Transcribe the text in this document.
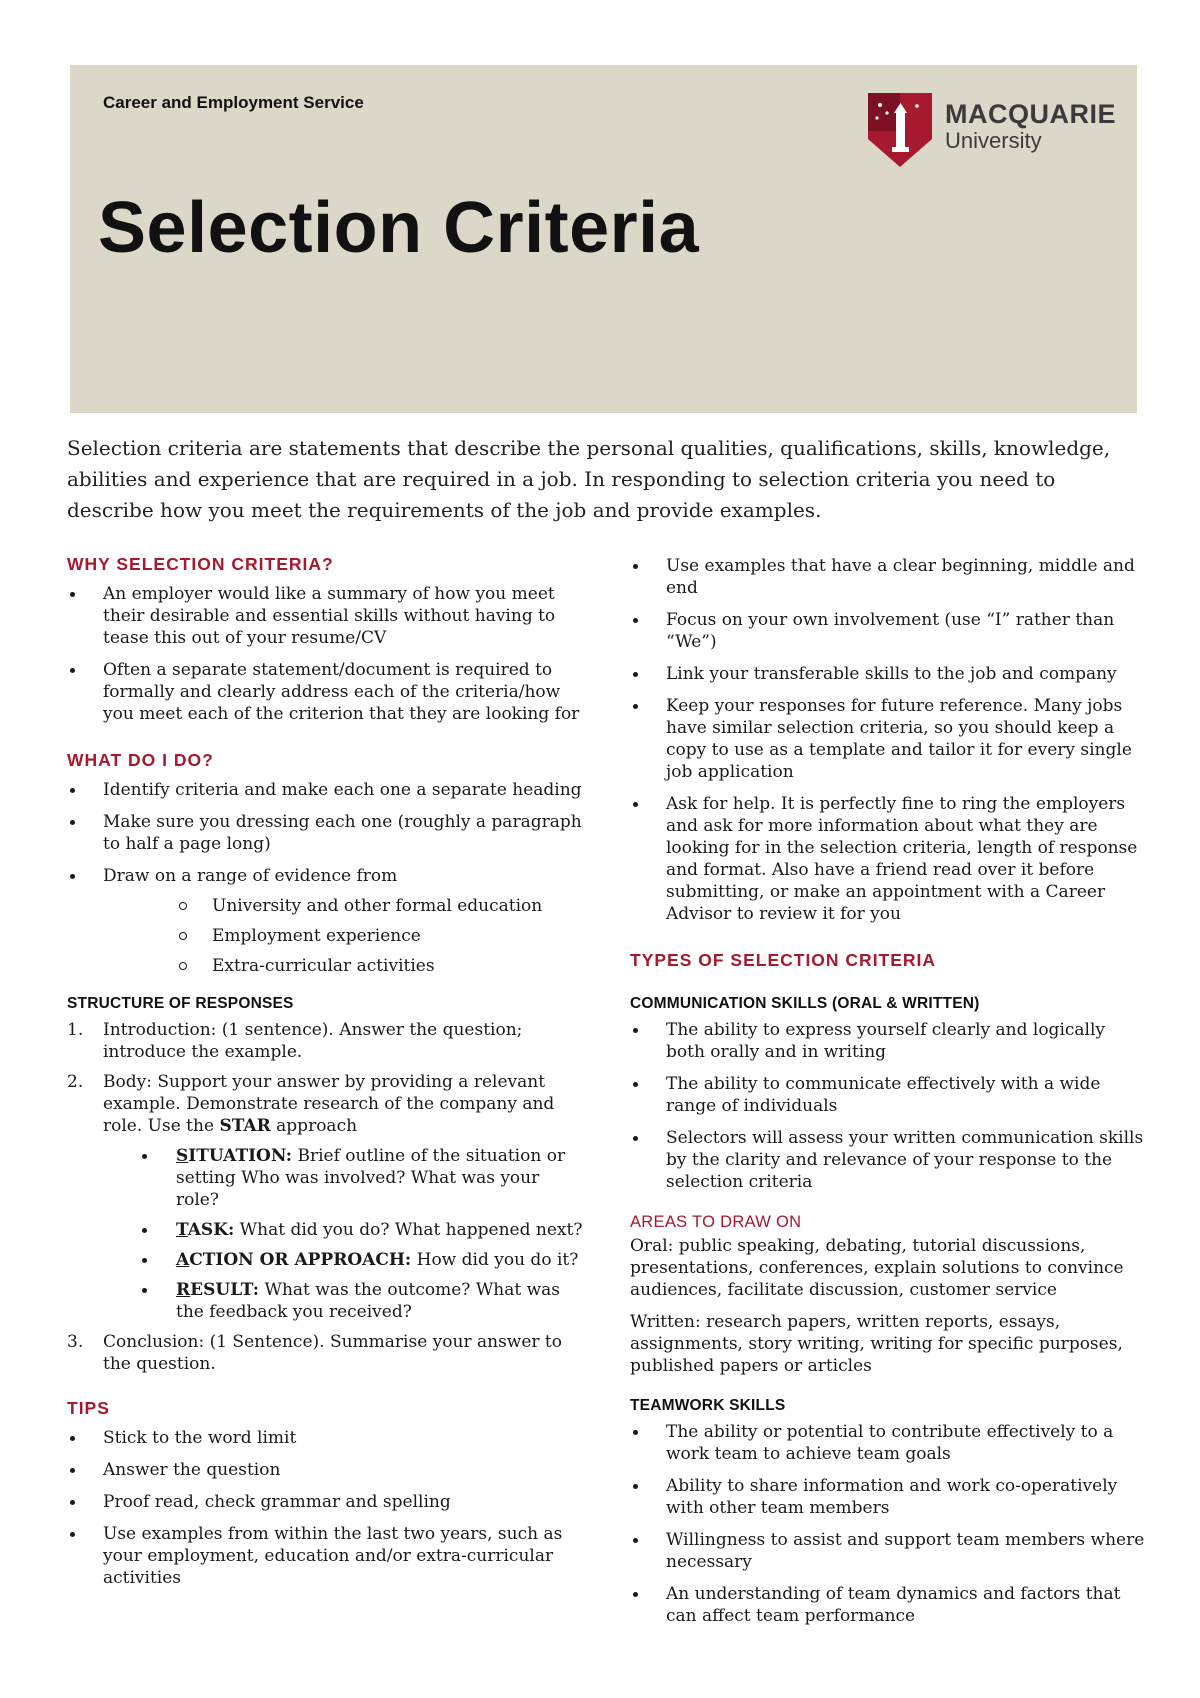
Career and Employment Service	MACQUARIE
University
Selection Criteria
Selection criteria are statements that describe the personal qualities, qualifications, skills, knowledge, abilities and experience that are required in a job. In responding to selection criteria you need to describe how you meet the requirements of the job and provide examples.
WHY SELECTION CRITERIA?
An employer would like a summary of how you meet their desirable and essential skills without having to tease this out of your resume/CV
Often a separate statement/document is required to formally and clearly address each of the criteria/how you meet each of the criterion that they are looking for
WHAT DO I DO?
Identify criteria and make each one a separate heading
Make sure you dressing each one (roughly a paragraph to half a page long)
Draw on a range of evidence from
University and other formal education
Employment experience
Extra-curricular activities
STRUCTURE OF RESPONSES
1. Introduction: (1 sentence). Answer the question; introduce the example.
2. Body: Support your answer by providing a relevant example. Demonstrate research of the company and role. Use the STAR approach
SITUATION: Brief outline of the situation or setting Who was involved? What was your role?
TASK: What did you do? What happened next?
ACTION OR APPROACH: How did you do it?
RESULT: What was the outcome? What was the feedback you received?
3. Conclusion: (1 Sentence). Summarise your answer to the question.
TIPS
Stick to the word limit
Answer the question
Proof read, check grammar and spelling
Use examples from within the last two years, such as your employment, education and/or extra-curricular activities
Use examples that have a clear beginning, middle and end
Focus on your own involvement (use “I” rather than “We”)
Link your transferable skills to the job and company
Keep your responses for future reference. Many jobs have similar selection criteria, so you should keep a copy to use as a template and tailor it for every single job application
Ask for help. It is perfectly fine to ring the employers and ask for more information about what they are looking for in the selection criteria, length of response and format. Also have a friend read over it before submitting, or make an appointment with a Career Advisor to review it for you
TYPES OF SELECTION CRITERIA
COMMUNICATION SKILLS (ORAL & WRITTEN)
The ability to express yourself clearly and logically both orally and in writing
The ability to communicate effectively with a wide range of individuals
Selectors will assess your written communication skills by the clarity and relevance of your response to the selection criteria
AREAS TO DRAW ON

Oral: public speaking, debating, tutorial discussions, presentations, conferences, explain solutions to convince audiences, facilitate discussion, customer service

Written: research papers, written reports, essays, assignments, story writing, writing for specific purposes, published papers or articles

TEAMWORK SKILLS
The ability or potential to contribute effectively to a work team to achieve team goals
Ability to share information and work co-operatively with other team members
Willingness to assist and support team members where necessary
An understanding of team dynamics and factors that can affect team performance
